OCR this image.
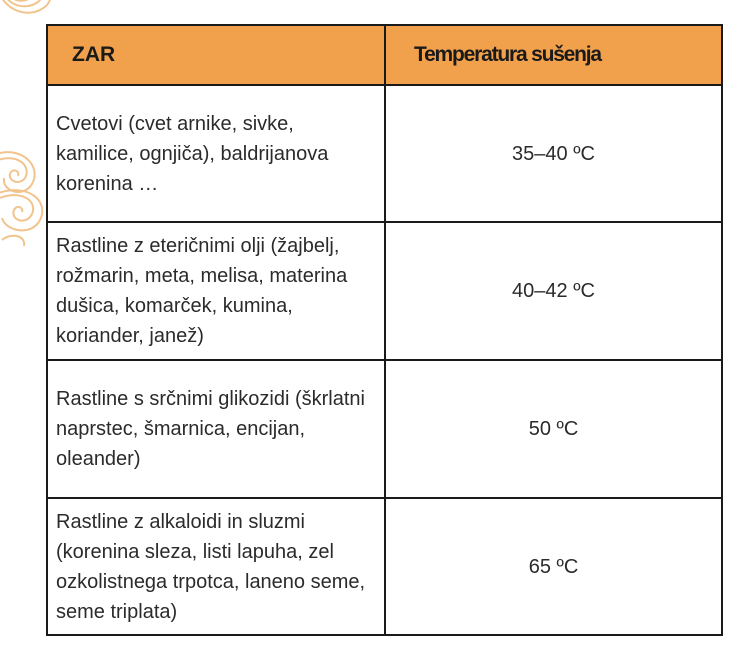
ZAR	Temperatura sušenja
Cvetovi (cvet arnike, sivke, kamilice, ognjiča), baldrijanova korenina …	35–40 ºC
Rastline z eteričnimi olji (žajbelj, rožmarin, meta, melisa, materina dušica, komarček, kumina, koriander, janež)	40–42 ºC
Rastline s srčnimi glikozidi (škrlatni naprstec, šmarnica, encijan, oleander)	50 ºC
Rastline z alkaloidi in sluzmi (korenina sleza, listi lapuha, zel ozkolistnega trpotca, laneno seme, seme triplata)	65 ºC
